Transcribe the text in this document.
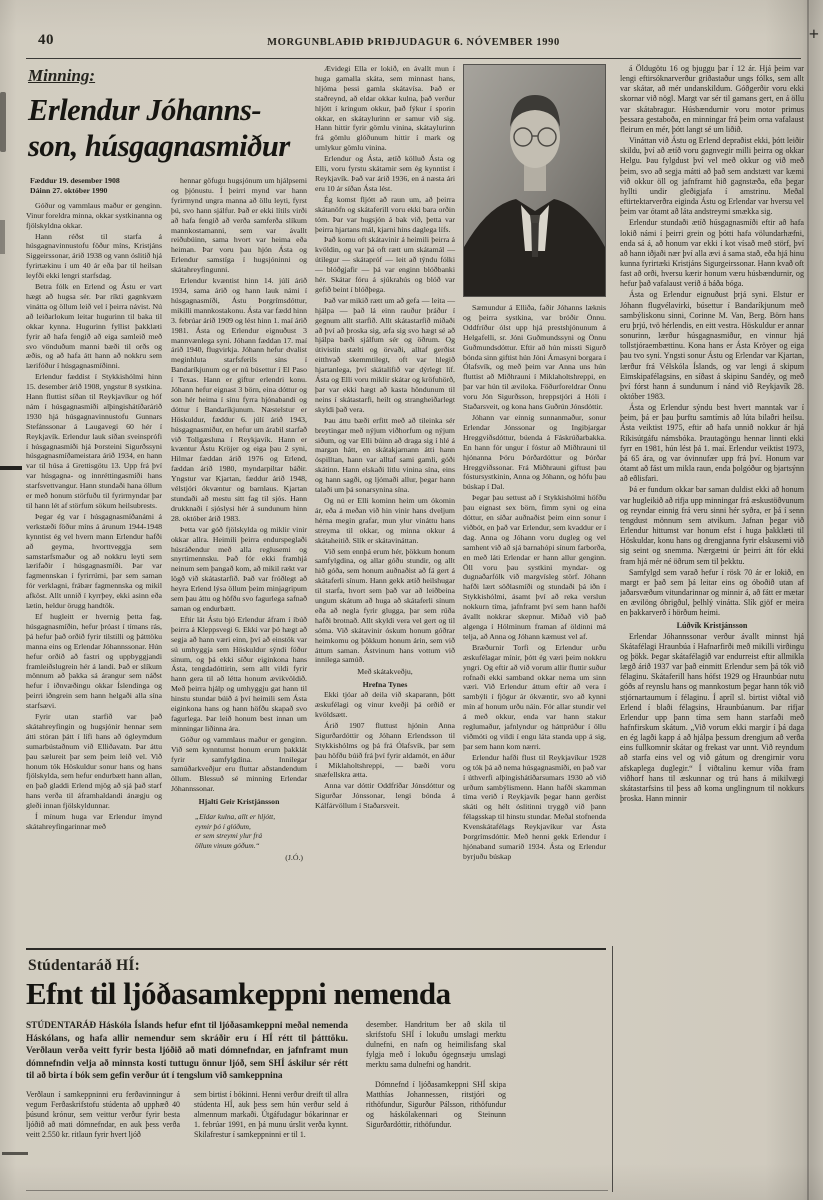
+
40	MORGUNBLAÐIÐ ÞRIÐJUDAGUR 6. NÓVEMBER 1990
Minning:
Erlendur Jóhanns-
son, húsgagnasmiður

Fæddur 19. desember 1908
Dáinn 27. október 1990

Góður og vammlaus maður er genginn. Vinur foreldra minna, okkar systkinanna og fjölskyldna okkar.

Hann réðst til starfa á húsgagnavinnustofu föður míns, Kristjáns Siggeirssonar, árið 1938 og vann óslitið hjá fyrirtækinu í um 40 ár eða þar til heilsan leyfði ekki lengri starfsdag.

Betra fólk en Erlend og Ástu er vart hægt að hugsa sér. Þar ríkti gagnkvæm vinátta og öllum leið vel í þeirra návist. Nú að leiðarlokum leitar hugurinn til baka til okkar kynna. Hugurinn fyllist þakklæti fyrir að hafa fengið að eiga samleið með svo vönduðum manni bæði til orðs og æðis, og að hafa átt hann að nokkru sem lærifóður í húsgagnasmíðinni.

Erlendur fæddist í Stykkishólmi hinn 15. desember árið 1908, yngstur 8 systkina. Hann fluttist síðan til Reykjavíkur og hóf nám í húsgagnasmíði alþingishátíðarárið 1930 hjá húsgagnavinnustofu Gunnars Stefánssonar á Laugavegi 60 hér í Reykjavík. Erlendur lauk síðan sveinsprófi í húsgagnasmíði hjá Þorsteini Sigurðssyni húsgagnasmíðameistara árið 1934, en hann var til húsa á Grettisgötu 13. Upp frá því var húsgagna- og innréttingasmíði hans starfsvettvangur. Hann stundaði hana öllum er með honum störfuðu til fyrirmyndar þar til hann lét af störfum sökum heilsubrests.

Þegar ég var í húsgagnasmíðanámi á verkstæði föður míns á árunum 1944-1948 kynntist ég vel hvern mann Erlendur hafði að geyma, hvorttveggja sem samstarfsmaður og að nokkru leyti sem lærifaðir í húsgagnasmíði. Þar var fagmennskan í fyrirrúmi, þar sem saman fór verklagni, frábær fagmennska og mikil afköst. Allt unnið í kyrrþey, ekki asinn eða lætin, heldur örugg handtök.

Ef hugleitt er hvernig þetta fag, húsgagnasmíðin, hefur þróast í tímans rás, þá hefur það orðið fyrir tilstilli og þátttöku manna eins og Erlendar Jóhannssonar. Hún hefur orðið að fastri og uppbyggjandi framleiðslugrein hér á landi. Það er slíkum mönnum að þakka sá árangur sem náðst hefur í iðnvæðingu okkar Íslendinga og þeirri iðngrein sem hann helgaði alla sína starfsævi.

Fyrir utan starfið var það skátahreyfingin og hugsjónir hennar sem átti stóran þátt í lífi hans að ógleymdum sumarbústaðnum við Elliðavatn. Þar áttu þau sælureit þar sem þeim leið vel. Við honum tók Höskuldur sonur hans og hans fjölskylda, sem hefur endurbætt hann allan, en það gladdi Erlend mjög að sjá það starf hans verða til áframhaldandi ánægju og gleði innan fjölskyldunnar.

Í mínum huga var Erlendur ímynd skátahreyfingarinnar með

hennar göfugu hugsjónum um hjálpsemi og þjónustu. Í þeirri mynd var hann fyrirmynd ungra manna að öllu leyti, fyrst þú, svo hann sjálfur. Það er ekki lítils virði að hafa fengið að verða samferða slíkum mannkostamanni, sem var ávallt reiðubúinn, sama hvort var heima eða heiman. Þar voru þau hjón Ásta og Erlendur samstíga í hugsjóninni og skátahreyfingunni.

Erlendur kvæntist hinn 14. júlí árið 1934, sama árið og hann lauk námi í húsgagnasmíði, Ástu Þorgrímsdóttur, mikilli mannkostakonu. Ásta var fædd hinn 3. febrúar árið 1909 og lést hinn 1. maí árið 1981. Ásta og Erlendur eignuðust 3 mannvænlega syni. Jóhann fæddan 17. maí árið 1940, flugvirkja. Jóhann hefur dvalist meginhluta starfsferils síns í Bandaríkjunum og er nú búsettur í El Paso í Texas. Hann er giftur erlendri konu. Jóhann hefur eignast 3 börn, eina dóttur og son hér heima í sínu fyrra hjónabandi og dóttur í Bandaríkjunum. Næstelstur er Höskuldur, fæddur 6. júlí árið 1943, húsgagnasmiður, en hefur um árabil starfað við Tollgæsluna í Reykjavík. Hann er kvæntur Ástu Kröjer og eiga þau 2 syni, Hilmar fæddan árið 1976 og Erlend, fæddan árið 1980, myndarpiltar báðir. Yngstur var Kjartan, fæddur árið 1948, vélstjóri ókvæntur og barnlaus. Kjartan stundaði að mestu sitt fag til sjós. Hann drukknaði í sjóslysi hér á sundunum hinn 28. október árið 1983.

Þetta var góð fjölskylda og miklir vinir okkar allra. Heimili þeirra endurspeglaði húsráðendur með alla reglusemi og snyrtimennsku. Það fór ekki framhjá neinum sem þangað kom, að mikil rækt var lögð við skátastarfið. Það var fróðlegt að heyra Erlend lýsa öllum þeim minjagripum sem þau áttu og höfðu svo fagurlega safnað saman og endurbætt.

Eftir lát Ástu bjó Erlendur áfram í íbúð þeirra á Kleppsvegi 6. Ekki var þó hægt að segja að hann væri einn, því að einstök var sú umhyggja sem Höskuldur sýndi föður sínum, og þá ekki síður eiginkona hans Ásta, tengdadóttirin, sem allt vildi fyrir hann gera til að létta honum ævikvöldið. Með þeirra hjálp og umhyggju gat hann til hinstu stundar búið á því heimili sem Ásta eiginkona hans og hann höfðu skapað svo fagurlega. Þar leið honum best innan um minningar liðinna ára.

Góður og vammlaus maður er genginn. Við sem kynntumst honum erum þakklát fyrir samfylgdina. Innilegar samúðarkveðjur eru fluttar aðstandendum öllum. Blessuð sé minning Erlendar Jóhannssonar.

Hjalti Geir Kristjánsson

„Eldar kulna, allt er hljótt,
eymir þó í glóðum,
er sem streymi ylur frá
öllum vinum góðum.“

(J.Ó.)

Ævidegi Ella er lokið, en ávallt mun í huga gamalla skáta, sem minnast hans, hljóma þessi gamla skátavísa. Það er staðreynd, að eldar okkar kulna, það verður hljótt í kringum okkur, það fýkur í sporin okkar, en skátaylurinn er samur við sig. Hann hittir fyrir gömlu vinina, skátaylurinn frá gömlu glóðunum hittir í mark og umlykur gömlu vinina.

Erlendur og Ásta, ætíð kölluð Ásta og Elli, voru fyrstu skátarnir sem ég kynntist í Reykjavík. Það var árið 1936, en á næsta ári eru 10 ár síðan Ásta lést.

Ég komst fljótt að raun um, að þeirra skátanöfn og skátaferill voru ekki bara orðin tóm. Þar var hugsjón á bak við, þetta var þeirra hjartans mál, kjarni hins daglega lífs.

Það komu oft skátavinir á heimili þeirra á kvöldin, og var þá oft rætt um skátamál — útilegur — skátapróf — leit að týndu fólki — blóðgjafir — þá var enginn blóðbanki hér. Skátar fóru á sjúkrahús og blóð var gefið beint í blóðþega.

Það var mikið rætt um að gefa — leita — hjálpa — það lá einn rauður þráður í gegnum allt starfið. Allt skátastarfið miðaði að því að þroska sig, æfa sig svo hægt sé að hjálpa bæði sjálfum sér og öðrum. Og útivistin stælti og örvaði, alltaf gerðist eitthvað skemmtilegt, oft var hlegið hjartanlega, því skátalífið var dýrlegt líf. Ásta og Elli voru miklir skátar og kröfuhörð, þar var ekki hægt að kasta höndunum til neins í skátastarfi, heilt og strangheiðarlegt skyldi það vera.

Þau áttu bæði erfitt með að tileinka sér breytingar með nýjum viðhorfum og nýjum siðum, og var Elli búinn að draga sig í hlé á margan hátt, en skátakjarnann átti hann óspilltan, hann var alltaf sami gamli, góði skátinn. Hann elskaði litlu vinina sína, eins og hann sagði, og ljómaði allur, þegar hann talaði um þá sonarsynina sína.

Og nú er Elli kominn heim um ókomin ár, eða á meðan við hin vinir hans dveljum hérna megin grafar, mun ylur vináttu hans streyma til okkar, og minna okkur á skátaheitið. Slík er skátavináttan.

Við sem ennþá erum hér, þökkum honum samfylgdina, og allar góðu stundir, og allt hið góða, sem honum auðnaðist að fá gert á skátaferli sínum. Hann gekk ætíð heilshugar til starfa, hvort sem það var að leiðbeina ungum skátum að huga að skátaferli sínum eða að negla fyrir glugga, þar sem rúða hafði brotnað. Allt skyldi vera vel gert og til sóma. Við skátavinir óskum honum góðrar heimkomu og þökkum honum árin, sem við áttum saman. Ástvinum hans vottum við innilega samúð.

Með skátakveðju,

Hrefna Tynes

Ekki tjóar að deila við skaparann, þótt æskufélagi og vinur kveðji þá orðið er kvöldsætt.

Árið 1907 fluttust hjónin Anna Sigurðardóttir og Jóhann Erlendsson til Stykkishólms og þá frá Ólafsvík, þar sem þau höfðu búið frá því fyrir aldamót, en áður í Miklaholtshreppi, — bæði voru snæfellskra ætta.

Anna var dóttir Oddfríðar Jónsdóttur og Sigurðar Jónssonar, lengi bónda á Kálfárvöllum í Staðarsveit.

Sæmundur á Elliða, faðir Jóhanns læknis og þeirra systkina, var bróðir Önnu. Oddfríður ólst upp hjá prestshjónunum á Helgafelli, sr. Jóni Guðmundssyni og Önnu Guðmundsdóttur. Eftir að hún missti Sigurð bónda sinn giftist hún Jóni Árnasyni borgara í Ólafsvík, og með þeim var Anna uns hún fluttist að Miðhrauni í Miklaholtshreppi, en þar var hún til æviloka. Föðurforeldrar Önnu voru Jón Sigurðsson, hreppstjóri á Hóli í Staðarsveit, og kona hans Guðrún Jónsdóttir.

Jóhann var einnig sunnanmaður, sonur Erlendar Jónssonar og Ingibjargar Hreggviðsdóttur, búenda á Fáskrúðarbakka. En hann fór ungur í fóstur að Miðhrauni til hjónanna Þóru Þórðardóttur og Þórðar Hreggviðssonar. Frá Miðhrauni giftust þau fóstursystkinin, Anna og Jóhann, og hófu þau búskap í Dal.

Þegar þau settust að í Stykkishólmi höfðu þau eignast sex börn, fimm syni og eina dóttur, en síðar auðnaðist þeim einn sonur í viðbót, en það var Erlendur, sem kvaddur er í dag. Anna og Jóhann voru dugleg og vel samhent við að sjá barnahópi sínum farborða, en með láti Erlendar er hann allur genginn. Öll voru þau systkini myndar- og dugnaðarfólk við margvísleg störf. Jóhann hafði lært söðlasmíði og stundaði þá iðn í Stykkishólmi, ásamt því að reka verslun nokkurn tíma, jafnframt því sem hann hafði ávallt nokkrar skepnur. Miðað við það algenga í Hólminum framan af öldinni má telja, að Anna og Jóhann kæmust vel af.

Bræðurnir Torfi og Erlendur urðu æskufélagar mínir, þótt ég væri þeim nokkru yngri. Og eftir að við vorum allir fluttir suður rofnaði ekki samband okkar nema um sinn væri. Við Erlendur áttum eftir að vera í sambýli í fjögur ár ókvæntir, svo að kynni mín af honum urðu náin. Fór allar stundir vel á með okkur, enda var hann stakur reglumaður, jafnlyndur og háttprúður í öllu viðmóti og vildi í engu láta standa upp á sig, þar sem hann kom nærri.

Erlendur hafði flust til Reykjavíkur 1928 og tók þá að nema húsgagnasmíði, en það var í úthverfi alþingishátíðarsumars 1930 að við urðum sambýlismenn. Hann hafði skamman tíma verið í Reykjavík þegar hann gerðist skáti og hélt óslitinni tryggð við þann félagsskap til hinstu stundar. Meðal stofnenda Kvenskátafélags Reykjavíkur var Ásta Þorgrímsdóttir. Með henni gekk Erlendur í hjónaband sumarið 1934. Ásta og Erlendur byrjuðu búskap

Stúdentaráð HÍ:
Efnt til ljóðasamkeppni nemenda

STÚDENTARÁÐ Háskóla Íslands hefur efnt til ljóðasamkeppni meðal nemenda Háskólans, og hafa allir nemendur sem skráðir eru í HÍ rétt til þátttöku. Verðlaun verða veitt fyrir besta ljóðið að mati dómnefndar, en jafnframt mun dómnefndin velja að minnsta kosti tuttugu önnur ljóð, sem SHÍ áskilur sér rétt til að birta í bók sem gefin verður út í tengslum við samkeppnina

Verðlaun í samkeppninni eru ferðavinningur á vegum Ferðaskrifstofu stúdenta að upphæð 40 þúsund krónur, sem veittur verður fyrir besta ljóðið að mati dómnefndar, en auk þess verða veitt 2.550 kr. ritlaun fyrir hvert ljóð

sem birtist í bókinni. Henni verður dreift til allra stúdenta HÍ, auk þess sem hún verður seld á almennum markaði. Útgáfudagur bókarinnar er 1. febrúar 1991, en þá munu úrslit verða kynnt. Skilafrestur í samkeppninni er til 1.

desember. Handritum ber að skila til skrifstofu SHÍ í lokuðu umslagi merktu dulnefni, en nafn og heimilisfang skal fylgja með í lokuðu ógegnsæju umslagi merktu sama dulnefni og handrit.

Dómnefnd í ljóðasamkeppni SHÍ skipa Matthías Johannessen, ritstjóri og rithöfundur, Sigurður Pálsson, rithöfundur og háskólakennari og Steinunn Sigurðardóttir, rithöfundur.

á Öldugötu 16 og bjuggu þar í 12 ár. Hjá þeim var lengi eftirsóknarverður griðastaður ungs fólks, sem allt var skátar, að mér undanskildum. Góðgerðir voru ekki skornar við nögl. Margt var sér til gamans gert, en á öllu var skátabragur. Húsbændurnir voru motor primus þessara gestaboða, en minningar frá þeim orna vafalaust fleirum en mér, þótt langt sé um liðið.

Vináttan við Ástu og Erlend depraðist ekki, þótt leiðir skildu, því að ætíð voru gagnvegir milli þeirra og okkar Helgu. Þau fylgdust því vel með okkur og við með þeim, svo að segja mátti að það sem andstætt var kæmi við okkur öll og jafnframt hið gagnstæða, eða þegar hyllti undir gleðigjafa í amstrinu. Meðal eftirtektarverðra eiginda Ástu og Erlendar var hversu vel þeim var ótamt að láta andstreymi smækka sig.

Erlendur stundaði ætíð húsgagnasmíði eftir að hafa lokið námi í þeirri grein og þótti hafa völundarhæfni, enda sá á, að honum var ekki í kot vísað með störf, því að hann iðjaði nær því alla ævi á sama stað, eða hjá hinu kunna fyrirtæki Kristjáns Sigurgeirssonar. Hann kvað oft fast að orði, hversu kærir honum væru húsbændurnir, og hefur það vafalaust verið á báða bóga.

Ásta og Erlendur eignuðust þrjá syni. Elstur er Jóhann flugvélavirki, búsettur í Bandaríkjunum með sambýliskonu sinni, Corinne M. Van, Berg. Börn hans eru þrjú, tvö hérlendis, en eitt vestra. Höskuldur er annar sonurinn, lærður húsgagnasmiður, en vinnur hjá tollstjóraembættinu. Kona hans er Ásta Kröyer og eiga þau tvo syni. Yngsti sonur Ástu og Erlendar var Kjartan, lærður frá Vélskóla Íslands, og var lengi á skipum Eimskipafélagsins, en síðast á skipinu Sandéy, og með því fórst hann á sundunum í nánd við Reykjavík 28. október 1983.

Ásta og Erlendur sýndu best hvert manntak var í þeim, þá er þau þurftu samtímis að lúta bilaðri heilsu. Ásta veiktist 1975, eftir að hafa unnið nokkur ár hjá Ríkisútgáfu námsbóka. Þrautagöngu hennar linnti ekki fyrr en 1981, hún lést þá 1. maí. Erlendur veiktist 1973, þá 65 ára, og var óvinnufær upp frá því. Honum var ótamt að fást um mikla raun, enda þolgóður og bjartsýnn að eðlisfari.

Þá er fundum okkar bar saman duldist ekki að honum var hugleikið að rifja upp minningar frá æskustöðvunum og reyndar einnig frá veru sinni hér syðra, er þá í senn tengdust mönnum sem atvikum. Jafnan þegar við Erlendur hittumst var honum efst í huga þakklæti til Höskuldar, konu hans og drengjanna fyrir elskusemi við sig seint og snemma. Nærgætni úr þeirri átt fór ekki fram hjá mér né öðrum sem til þekktu.

Samfylgd sem varað hefur í rösk 70 ár er lokið, en margt er það sem þá leitar eins og óboðið utan af jaðarsvæðum vitundarinnar og minnir á, að fátt er mætar en ævilöng óbrigðul, þelhlý vinátta. Slík gjöf er meira en þakkarverð í hörðum heimi.

Lúðvík Kristjánsson

Erlendar Jóhannssonar verður ávallt minnst hjá Skátafélagi Hraunbúa í Hafnarfirði með mikilli virðingu og þökk. Þegar skátafélagið var endurreist eftir allmikla lægð árið 1937 var það einmitt Erlendur sem þá tók við félaginu. Skátaferill hans hófst 1929 og Hraunbúar nutu góðs af reynslu hans og mannkostum þegar hann tók við stjórnartaumum í félaginu. Í apríl sl. birtist viðtal við Erlend í blaði félagsins, Hraunbúanum. Þar rifjar Erlendur upp þann tíma sem hann starfaði með hafnfirskum skátum. „Við vorum ekki margir í þá daga en ég lagði kapp á að hjálpa þessum drengjum að verða eins fullkomnir skátar og frekast var unnt. Við reyndum að starfa eins vel og við gátum og drengirnir voru afskaplega duglegir.“ Í viðtalinu kemur víða fram viðhorf hans til æskunnar og trú hans á mikilvægi skátastarfsins til þess að koma unglingnum til nokkurs þroska. Hann minnir
